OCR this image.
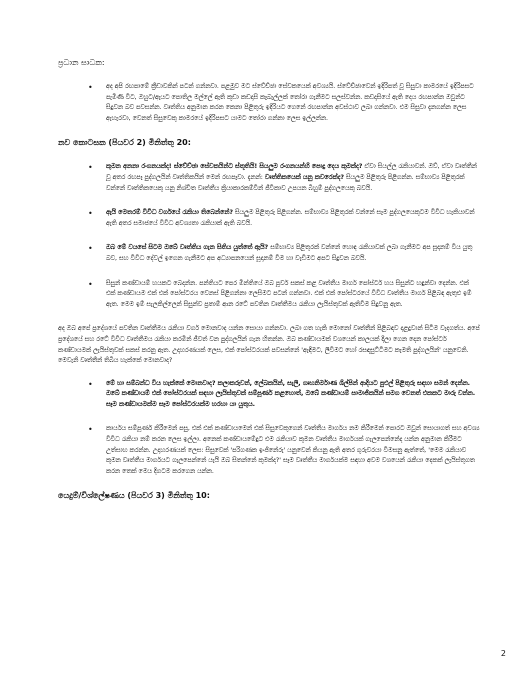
ප්‍රධාන සාධක:
•	අද අපි රඟපාමේ ක්‍රීඩාවකින් පටන් ගන්නවා. පළමුව මට ස්වේච්ඡා සේවකයෙක් අවශ්‍යයි. ස්වේච්ඡාවෙන් ඉදිරිපත් වූ සිසුවා කාමරයේ ඉදිරිපසට පැමිණි විට, ඔහුට/ඇයට පොතිල මල්ලේ ඇති කුඩා කඩදාසි කෑබැල්ලක් තෝරා ගැනීමට සලස්වන්න. කඩදාසියේ ඇති දෙය රඟපාන්න ඔවුන්ට සිදුවන බව පවසන්න. වෘත්තිය අනුමාන කරන කෙනා පිළිතුරු ඉදිරියට ගෙනේ රඟපාන්න අවස්ථාව ලබා ගන්නවා. එම සිසුවා දැනගන්න ලෙස ඇහැරවා, වෙනත් සිසුවෙකු කාමරයේ ඉදිරිපසට යාමට තෝරා ගන්නා ලෙස ඉල්ලන්න.
නව කොටසක (පියවර 2) මිනිත්තු 20:
•	කුමන අනනා රංගනයක්ද! ස්වේච්ඡා සේවකයින්ට ස්තූතියි! සියලුම රංගනයන්හි පොදු දෙය කුමක්ද? ඒවා සියල්ල රැකියාවන්. ඔව්, ඒවා වෘත්තීන් වූ අතර රඟපෑ පුද්ගලයින් වෘත්තිකයින් මෙන් රඟපෑවා. දැනන්: වෘත්තිකයෙක් යනු කවරෙක්ද? සියලුම පිළිතුරු පිළිගන්න. සම්භාව්‍ය පිළිතුරක් වන්නේ වෘත්තිකයෙකු යනු නිශ්චිත වෘත්තීය ක්‍රියාකාරකම්වින් ජීවිකාව උපයන බිහුම් පුද්ගලයෙකු බවයි.
•	ඇයි මෙතරම් විවිධ වර්ගයේ රැකියා තිබෙන්නේ? සියලුම පිළිතුරු පිළිගන්න. සම්භාව්‍ය පිළිතුරක් වන්නේ සෑම පුද්ගලයෙකුටම විවිධ හැකියාවන් ඇති අතර සමාජයේ විවිධ අවශ්‍යතා රැකියාක් ඇති බවයි.
•	ඔබ මේ වයසේ සිටම ඔබේ වෘත්තිය ගැන සිතිය යුත්තේ ඇයි? සම්භාව්‍ය පිළිතුරක් වන්නේ හොඳ රැකියාවක් ලබා ගැනීමට අප සූදානම් විය යුතු බව, සහ විවිධ දේවල් ඉගෙන ගැනීමට අප අධ්‍යාපනයෙන් සූදානම් වීම හා වැඩිමට අපට සිදුවන බවයි.
•	සිසුන් කණ්ඩායම් හයකට බෙදන්න. පන්තියට පෙර මින්තියේ ඔබ පූර්ව සකස් කළ වෘත්තීය මාර්ග පෝස්ටර් හය සිසුන්ට හඳුන්වා දෙන්න. එක් එක් කණ්ඩායම එක් එක් පෝස්ටරය වෙනස් පිළිගන්නා ලෙසිමට පටන් ගන්නවා. එක් එක් පෝස්ටරයේ විවිධ වෘත්තීය මාර්ග පිළිබඳ ඇතුළු ඉම් ඇත. මෙම ඉම් සැලකිල්ලෙන් සිසුන්ව ප්‍රතාම් ආන රටේ පවතින වෘත්තීමය රැකියා ලැයිස්තුවක් ඇතිවීම සිදුවනු ඇත.
අද ඔබ අපේ ප්‍රදේශයේ පවතින වෘත්තීමය රැකියා වර්ග මොනවාද යන්න සොයා ගන්නවා. ලබා ගත හැකි මොනෝ වෘත්තීන් පිළිබඳව දළදුවාන් සිටීම වැදගත්ය. අපේ ප්‍රදේශයේ සහ රටේ විවිධ වෘත්තීමය රැකියා කරමින් ජීවත් වන පුද්ගලයින් ගැන හිතන්න. ඔබ කණ්ඩායමක් වශයෙන් කාලයක් දීලා ගෙන දෙන පෝස්ටර් කණ්ඩායමක් ලැයිස්තුවක් සකස් කරනු ඇත. උදාහරණයක් ලෙස, එක් පෝස්ටරයක් පවසන්නේ 'ඇඳිමට, ලිවීමට හෝ රසඳසුට්ටිමට කැමති පුද්ගලයින්' යනුවෙනි. මෙවැනි වෘත්තීන් තිබිය හැක්කේ මොනවාද?
•	මේ හා සම්බන්ධ විය හැක්කේ මොනවාද? කලාකරුවන්, ලේඛකයින්, සැලි, ගෘහනිර්මාණ ශිල්පින් ආදියට පුළුල් පිළිතුරු සඳහා සමන් දෙන්න. ඔබේ කණ්ඩායම් එක් පෝස්ටරයක් සඳහා ලැයිස්තුවක් සම්පූර්ණ කළහොත්, ඔබේ කණ්ඩායම් සාමාජිකයින් සමග වෙනත් එකකට මාරු වන්න. සෑම කණ්ඩායමක්ම සෑම පෝස්ටරයක්ම හරහා යා යුතුය.
•	කාර්යය සම්පූර්ණ කිරීමෙන් පසු, එක් එක් කණ්ඩායමෙන් එක් සිසුවෙකුගෙන් වෘත්තීය මාර්ගය නම කිරීමෙන් පොරට ඔවුන් සොයාගත් සහ අවශ්‍ය විවිධ රැකියා නම් කරන ලෙස ඉල්ලා. අනෙක් කණ්ඩායමේදුට එම රැකියාව කුමන වෘත්තීය මාර්ගයක් ගැලපෙන්නේද යන්න අනුමාන කිරීමට උත්සාහ කරන්න. උදාහරණයක් ලෙස: සිසුවෙක් 'පරිගණක ඉංජිනේරු' යනුවෙන් කියනු ඇති අතර ගුරුවරයා විමසනු ඇත්තේ, 'මෙම රැකියාව කුමන වෘත්තීය මාර්ගයට ගැලපෙන්නේ යැයි ඔබ සිතන්නේ කුමක්ද?' සෑම වෘත්තීය මාර්ගයක්ම සඳහා අවම වශයෙන් රැකියා දෙකක් ලැයිස්තුගත කරන තෙක් මෙය දිගටම කරගෙන යන්න.
යෙදුම්/විශ්ලේෂණය (පියවර 3) මිනිත්තු 10:
2
